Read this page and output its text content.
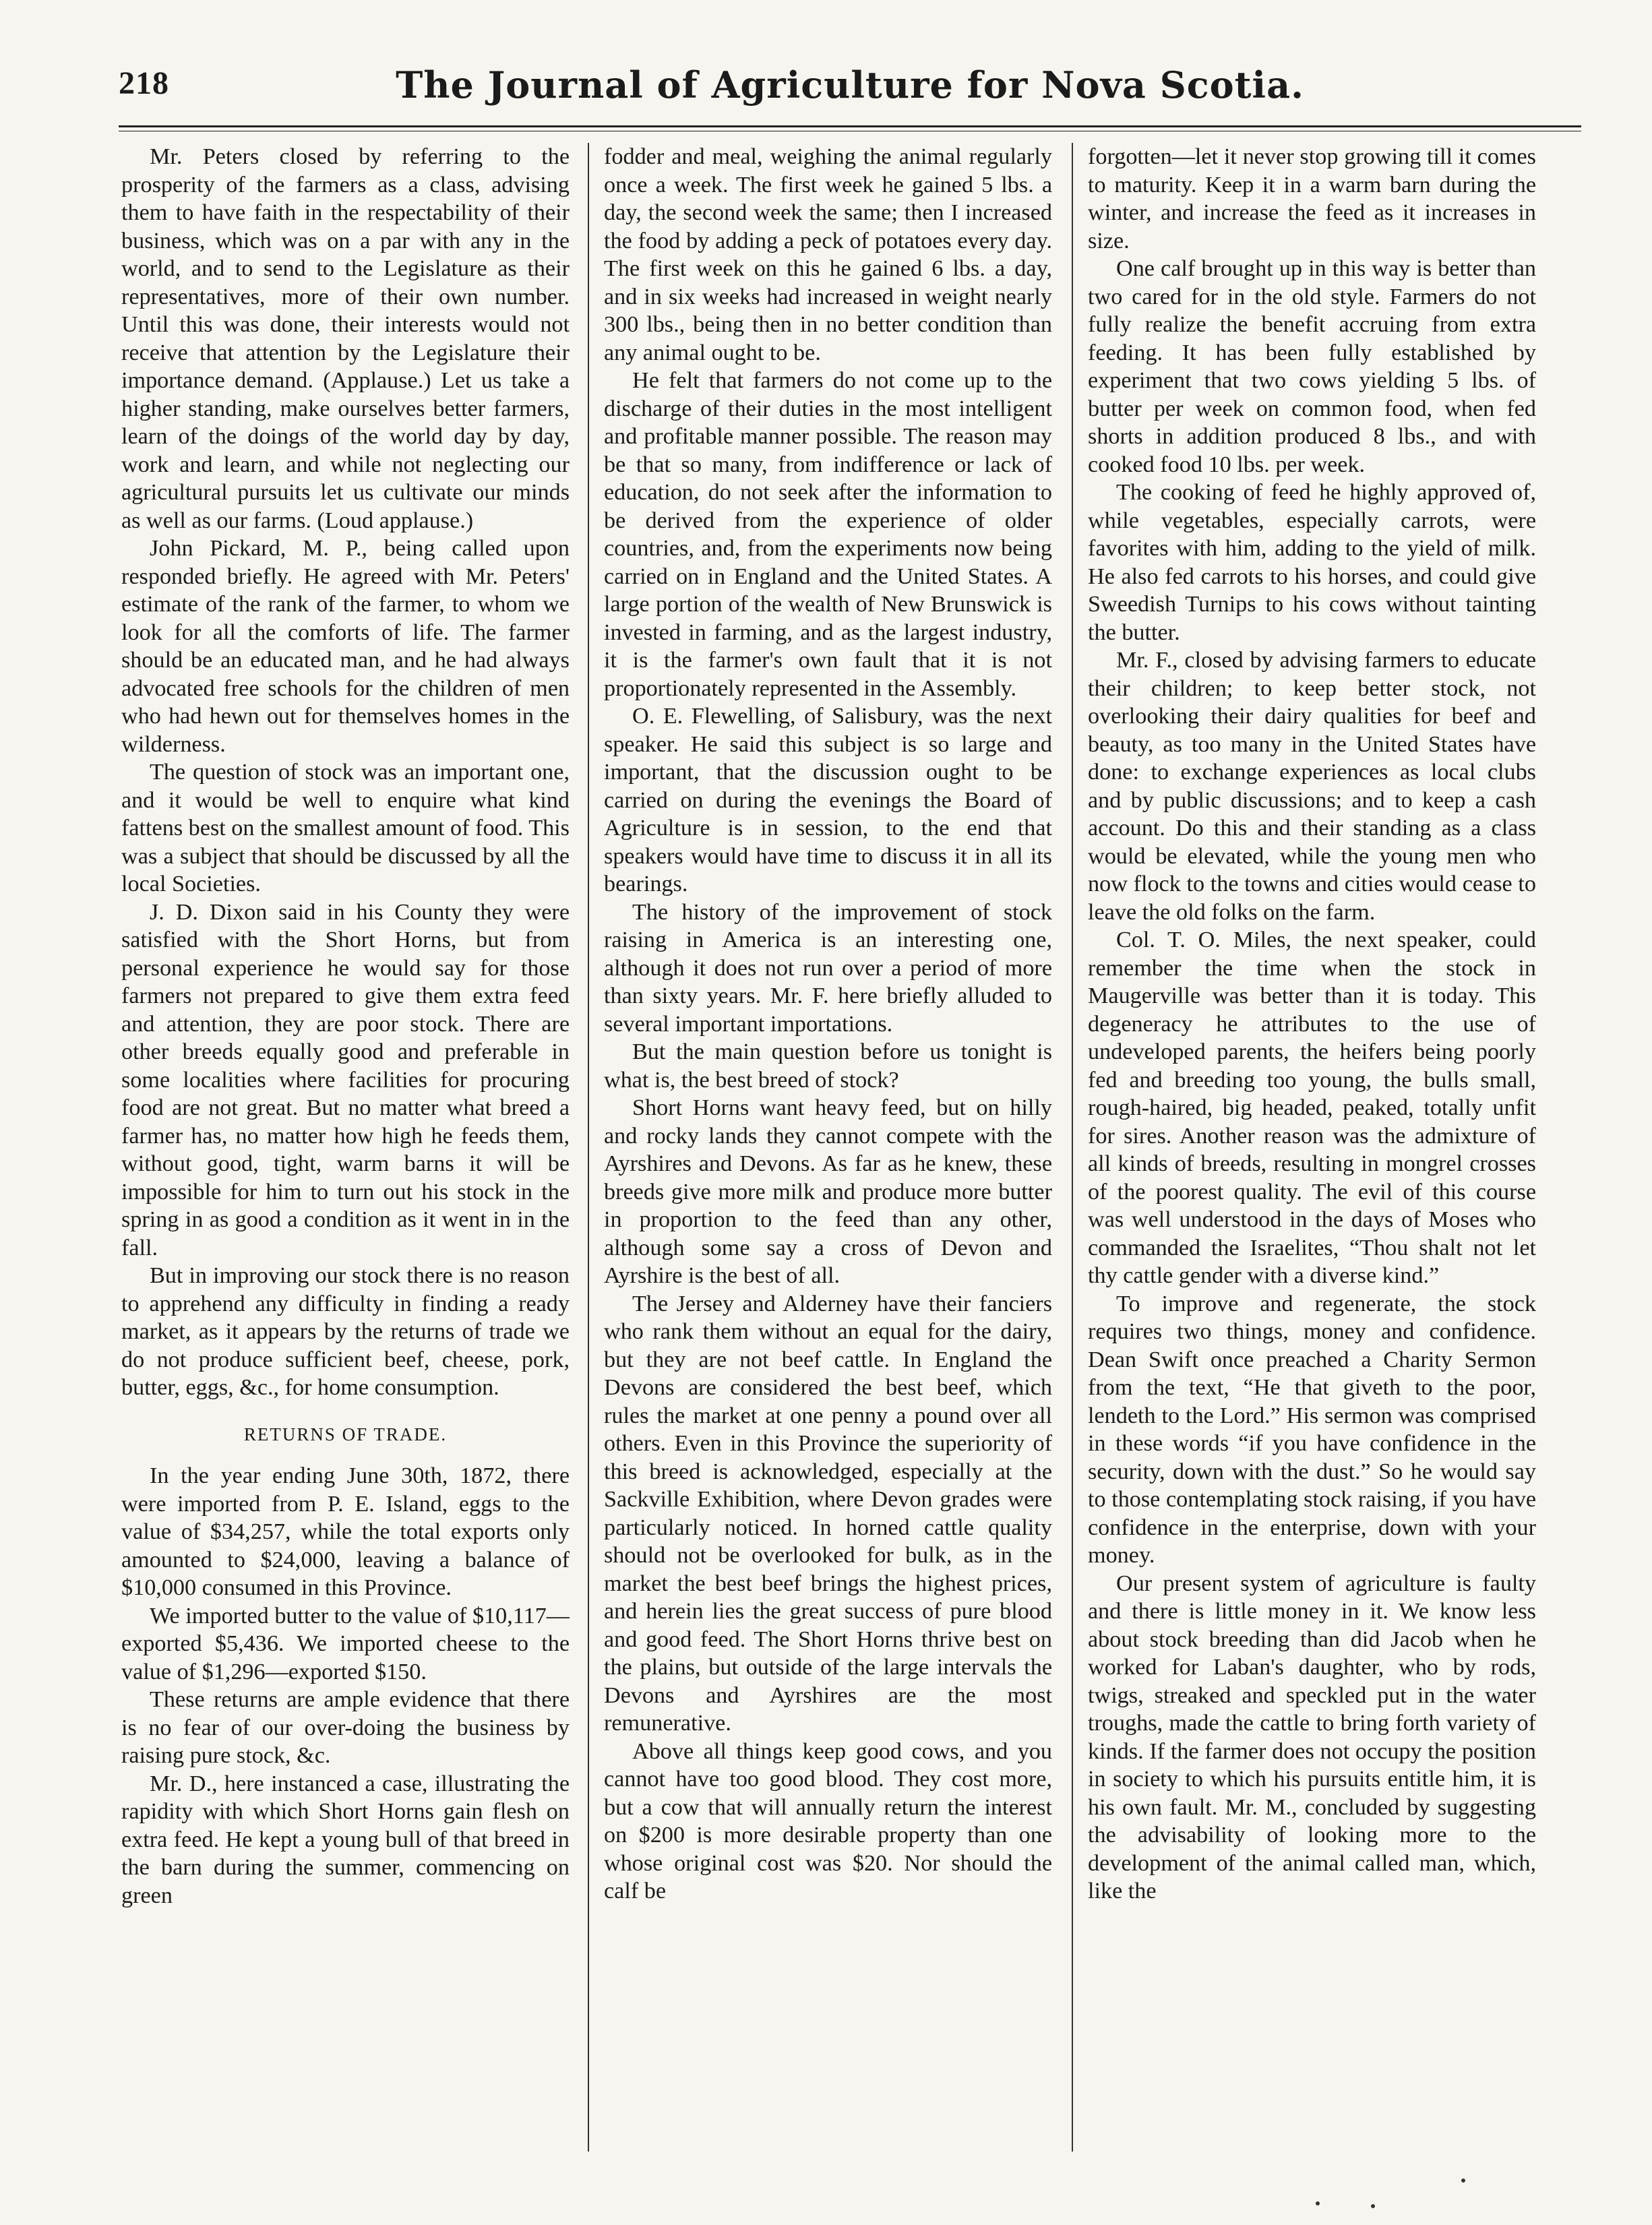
218	The Journal of Agriculture for Nova Scotia.

Mr. Peters closed by referring to the prosperity of the farmers as a class, advising them to have faith in the respectability of their business, which was on a par with any in the world, and to send to the Legislature as their representatives, more of their own number. Until this was done, their interests would not receive that attention by the Legislature their importance demand. (Applause.) Let us take a higher standing, make ourselves better farmers, learn of the doings of the world day by day, work and learn, and while not neglecting our agricultural pursuits let us cultivate our minds as well as our farms. (Loud applause.)

John Pickard, M. P., being called upon responded briefly. He agreed with Mr. Peters' estimate of the rank of the farmer, to whom we look for all the comforts of life. The farmer should be an educated man, and he had always advocated free schools for the children of men who had hewn out for themselves homes in the wilderness.

The question of stock was an important one, and it would be well to enquire what kind fattens best on the smallest amount of food. This was a subject that should be discussed by all the local Societies.

J. D. Dixon said in his County they were satisfied with the Short Horns, but from personal experience he would say for those farmers not prepared to give them extra feed and attention, they are poor stock. There are other breeds equally good and preferable in some localities where facilities for procuring food are not great. But no matter what breed a farmer has, no matter how high he feeds them, without good, tight, warm barns it will be impossible for him to turn out his stock in the spring in as good a condition as it went in in the fall.

But in improving our stock there is no reason to apprehend any difficulty in finding a ready market, as it appears by the returns of trade we do not produce sufficient beef, cheese, pork, butter, eggs, &c., for home consumption.

RETURNS OF TRADE.

In the year ending June 30th, 1872, there were imported from P. E. Island, eggs to the value of $34,257, while the total exports only amounted to $24,000, leaving a balance of $10,000 consumed in this Province.

We imported butter to the value of $10,117—exported $5,436. We imported cheese to the value of $1,296—exported $150.

These returns are ample evidence that there is no fear of our over-doing the business by raising pure stock, &c.

Mr. D., here instanced a case, illustrating the rapidity with which Short Horns gain flesh on extra feed. He kept a young bull of that breed in the barn during the summer, commencing on green

fodder and meal, weighing the animal regularly once a week. The first week he gained 5 lbs. a day, the second week the same; then I increased the food by adding a peck of potatoes every day. The first week on this he gained 6 lbs. a day, and in six weeks had increased in weight nearly 300 lbs., being then in no better condition than any animal ought to be.

He felt that farmers do not come up to the discharge of their duties in the most intelligent and profitable manner possible. The reason may be that so many, from indifference or lack of education, do not seek after the information to be derived from the experience of older countries, and, from the experiments now being carried on in England and the United States. A large portion of the wealth of New Brunswick is invested in farming, and as the largest industry, it is the farmer's own fault that it is not proportionately represented in the Assembly.

O. E. Flewelling, of Salisbury, was the next speaker. He said this subject is so large and important, that the discussion ought to be carried on during the evenings the Board of Agriculture is in session, to the end that speakers would have time to discuss it in all its bearings.

The history of the improvement of stock raising in America is an interesting one, although it does not run over a period of more than sixty years. Mr. F. here briefly alluded to several important importations.

But the main question before us tonight is what is, the best breed of stock?

Short Horns want heavy feed, but on hilly and rocky lands they cannot compete with the Ayrshires and Devons. As far as he knew, these breeds give more milk and produce more butter in proportion to the feed than any other, although some say a cross of Devon and Ayrshire is the best of all.

The Jersey and Alderney have their fanciers who rank them without an equal for the dairy, but they are not beef cattle. In England the Devons are considered the best beef, which rules the market at one penny a pound over all others. Even in this Province the superiority of this breed is acknowledged, especially at the Sackville Exhibition, where Devon grades were particularly noticed. In horned cattle quality should not be overlooked for bulk, as in the market the best beef brings the highest prices, and herein lies the great success of pure blood and good feed. The Short Horns thrive best on the plains, but outside of the large intervals the Devons and Ayrshires are the most remunerative.

Above all things keep good cows, and you cannot have too good blood. They cost more, but a cow that will annually return the interest on $200 is more desirable property than one whose original cost was $20. Nor should the calf be

forgotten—let it never stop growing till it comes to maturity. Keep it in a warm barn during the winter, and increase the feed as it increases in size.

One calf brought up in this way is better than two cared for in the old style. Farmers do not fully realize the benefit accruing from extra feeding. It has been fully established by experiment that two cows yielding 5 lbs. of butter per week on common food, when fed shorts in addition produced 8 lbs., and with cooked food 10 lbs. per week.

The cooking of feed he highly approved of, while vegetables, especially carrots, were favorites with him, adding to the yield of milk. He also fed carrots to his horses, and could give Sweedish Turnips to his cows without tainting the butter.

Mr. F., closed by advising farmers to educate their children; to keep better stock, not overlooking their dairy qualities for beef and beauty, as too many in the United States have done: to exchange experiences as local clubs and by public discussions; and to keep a cash account. Do this and their standing as a class would be elevated, while the young men who now flock to the towns and cities would cease to leave the old folks on the farm.

Col. T. O. Miles, the next speaker, could remember the time when the stock in Maugerville was better than it is today. This degeneracy he attributes to the use of undeveloped parents, the heifers being poorly fed and breeding too young, the bulls small, rough-haired, big headed, peaked, totally unfit for sires. Another reason was the admixture of all kinds of breeds, resulting in mongrel crosses of the poorest quality. The evil of this course was well understood in the days of Moses who commanded the Israelites, “Thou shalt not let thy cattle gender with a diverse kind.”

To improve and regenerate, the stock requires two things, money and confidence. Dean Swift once preached a Charity Sermon from the text, “He that giveth to the poor, lendeth to the Lord.” His sermon was comprised in these words “if you have confidence in the security, down with the dust.” So he would say to those contemplating stock raising, if you have confidence in the enterprise, down with your money.

Our present system of agriculture is faulty and there is little money in it. We know less about stock breeding than did Jacob when he worked for Laban's daughter, who by rods, twigs, streaked and speckled put in the water troughs, made the cattle to bring forth variety of kinds. If the farmer does not occupy the position in society to which his pursuits entitle him, it is his own fault. Mr. M., concluded by suggesting the advisability of looking more to the development of the animal called man, which, like the
